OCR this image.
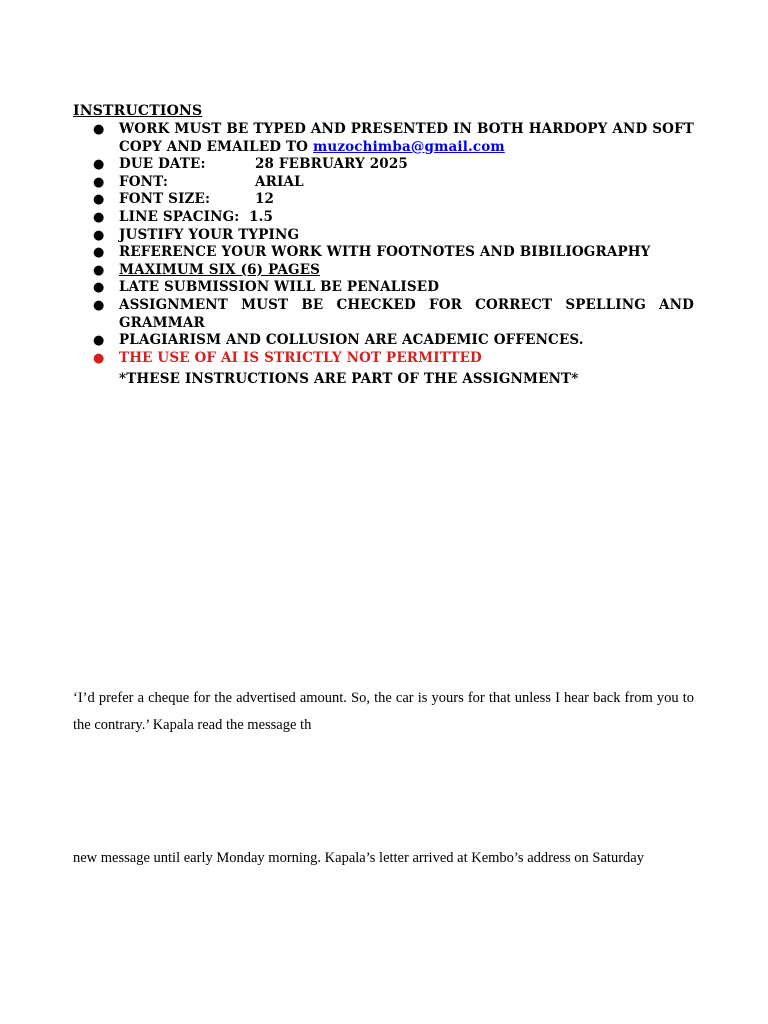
INSTRUCTIONS
● WORK MUST BE TYPED AND PRESENTED IN BOTH HARDOPY AND SOFT COPY AND EMAILED TO muzochimba@gmail.com
● DUE DATE:	28 FEBRUARY 2025
● FONT:	ARIAL
● FONT SIZE:	12
● LINE SPACING: 1.5
● JUSTIFY YOUR TYPING
● REFERENCE YOUR WORK WITH FOOTNOTES AND BIBILIOGRAPHY
● MAXIMUM SIX (6) PAGES
● LATE SUBMISSION WILL BE PENALISED
● ASSIGNMENT MUST BE CHECKED FOR CORRECT SPELLING AND GRAMMAR
● PLAGIARISM AND COLLUSION ARE ACADEMIC OFFENCES.
● THE USE OF AI IS STRICTLY NOT PERMITTED
*THESE INSTRUCTIONS ARE PART OF THE ASSIGNMENT*
‘I’d prefer a cheque for the advertised amount. So, the car is yours for that unless I hear back from you to the contrary.’ Kapala read the message th
new message until early Monday morning. Kapala’s letter arrived at Kembo’s address on Saturday
